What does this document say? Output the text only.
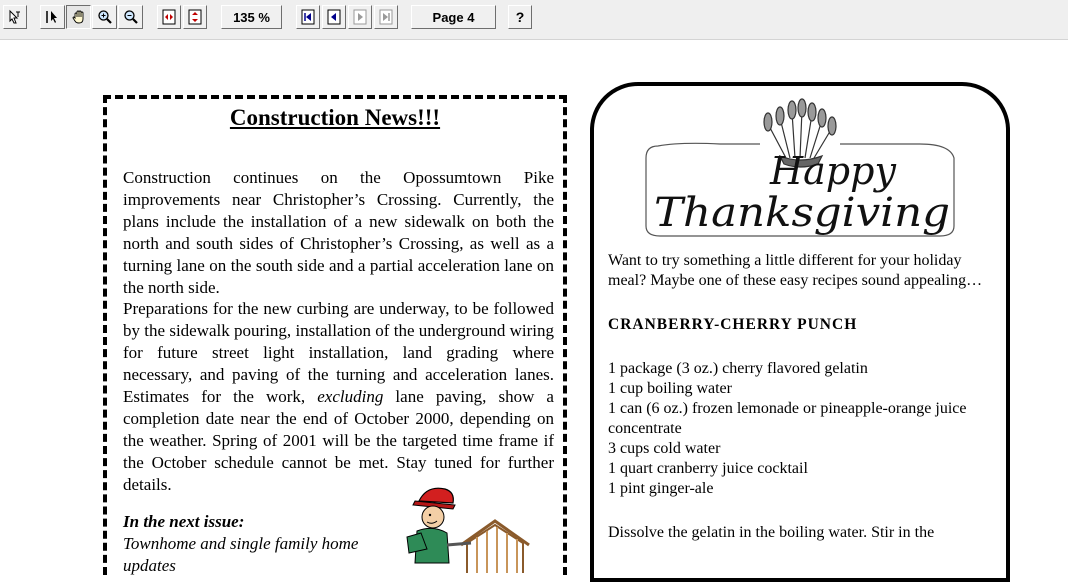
135 %	Page 4	?
Construction News!!!

Construction continues on the Opossumtown Pike improvements near Christopher’s Crossing. Currently, the plans include the installation of a new sidewalk on both the north and south sides of Christopher’s Crossing, as well as a turning lane on the south side and a partial acceleration lane on the north side.

Preparations for the new curbing are underway, to be followed by the sidewalk pouring, installation of the underground wiring for future street light installation, land grading where necessary, and paving of the turning and acceleration lanes. Estimates for the work, excluding lane paving, show a completion date near the end of October 2000, depending on the weather. Spring of 2001 will be the targeted time frame if the October schedule cannot be met. Stay tuned for further details.

In the next issue:
Townhome and single family home updates
Happy
Thanksgiving

Want to try something a little different for your holiday meal? Maybe one of these easy recipes sound appealing…

CRANBERRY-CHERRY PUNCH

1 package (3 oz.) cherry flavored gelatin

1 cup boiling water

1 can (6 oz.) frozen lemonade or pineapple-orange juice concentrate

3 cups cold water

1 quart cranberry juice cocktail

1 pint ginger-ale

Dissolve the gelatin in the boiling water. Stir in the
